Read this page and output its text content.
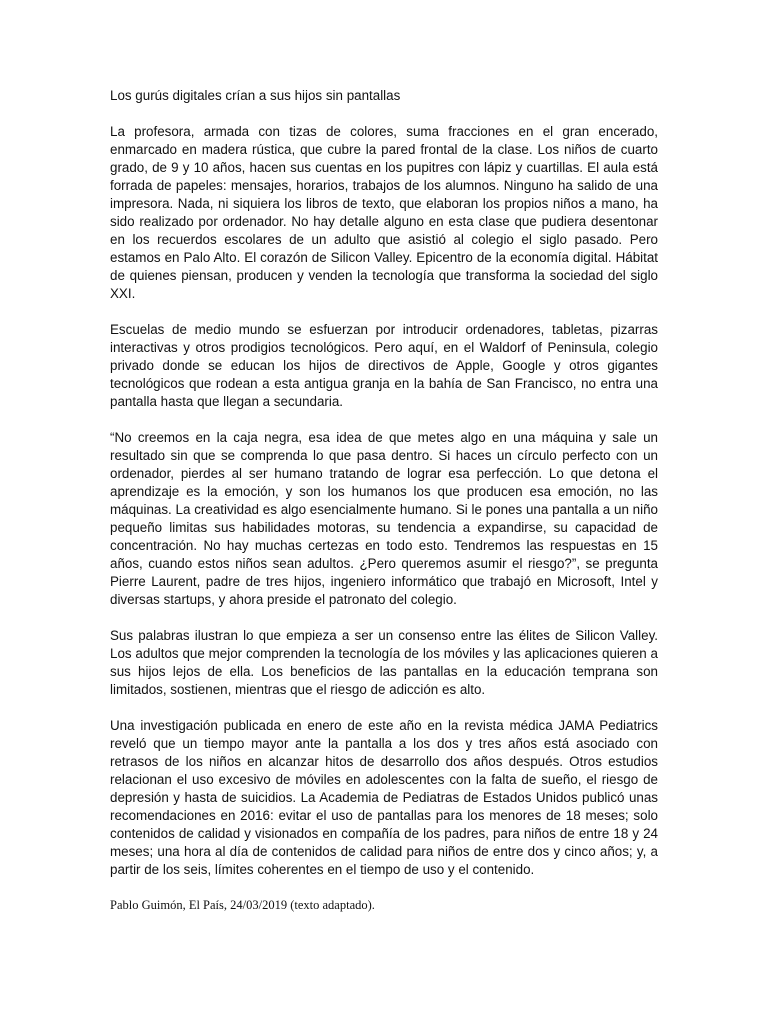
Los gurús digitales crían a sus hijos sin pantallas

La profesora, armada con tizas de colores, suma fracciones en el gran encerado, enmarcado en madera rústica, que cubre la pared frontal de la clase. Los niños de cuarto grado, de 9 y 10 años, hacen sus cuentas en los pupitres con lápiz y cuartillas. El aula está forrada de papeles: mensajes, horarios, trabajos de los alumnos. Ninguno ha salido de una impresora. Nada, ni siquiera los libros de texto, que elaboran los propios niños a mano, ha sido realizado por ordenador. No hay detalle alguno en esta clase que pudiera desentonar en los recuerdos escolares de un adulto que asistió al colegio el siglo pasado. Pero estamos en Palo Alto. El corazón de Silicon Valley. Epicentro de la economía digital. Hábitat de quienes piensan, producen y venden la tecnología que transforma la sociedad del siglo XXI.

Escuelas de medio mundo se esfuerzan por introducir ordenadores, tabletas, pizarras interactivas y otros prodigios tecnológicos. Pero aquí, en el Waldorf of Peninsula, colegio privado donde se educan los hijos de directivos de Apple, Google y otros gigantes tecnológicos que rodean a esta antigua granja en la bahía de San Francisco, no entra una pantalla hasta que llegan a secundaria.

“No creemos en la caja negra, esa idea de que metes algo en una máquina y sale un resultado sin que se comprenda lo que pasa dentro. Si haces un círculo perfecto con un ordenador, pierdes al ser humano tratando de lograr esa perfección. Lo que detona el aprendizaje es la emoción, y son los humanos los que producen esa emoción, no las máquinas. La creatividad es algo esencialmente humano. Si le pones una pantalla a un niño pequeño limitas sus habilidades motoras, su tendencia a expandirse, su capacidad de concentración. No hay muchas certezas en todo esto. Tendremos las respuestas en 15 años, cuando estos niños sean adultos. ¿Pero queremos asumir el riesgo?”, se pregunta Pierre Laurent, padre de tres hijos, ingeniero informático que trabajó en Microsoft, Intel y diversas startups, y ahora preside el patronato del colegio.

Sus palabras ilustran lo que empieza a ser un consenso entre las élites de Silicon Valley. Los adultos que mejor comprenden la tecnología de los móviles y las aplicaciones quieren a sus hijos lejos de ella. Los beneficios de las pantallas en la educación temprana son limitados, sostienen, mientras que el riesgo de adicción es alto.

Una investigación publicada en enero de este año en la revista médica JAMA Pediatrics reveló que un tiempo mayor ante la pantalla a los dos y tres años está asociado con retrasos de los niños en alcanzar hitos de desarrollo dos años después. Otros estudios relacionan el uso excesivo de móviles en adolescentes con la falta de sueño, el riesgo de depresión y hasta de suicidios. La Academia de Pediatras de Estados Unidos publicó unas recomendaciones en 2016: evitar el uso de pantallas para los menores de 18 meses; solo contenidos de calidad y visionados en compañía de los padres, para niños de entre 18 y 24 meses; una hora al día de contenidos de calidad para niños de entre dos y cinco años; y, a partir de los seis, límites coherentes en el tiempo de uso y el contenido.

Pablo Guimón, El País, 24/03/2019 (texto adaptado).
